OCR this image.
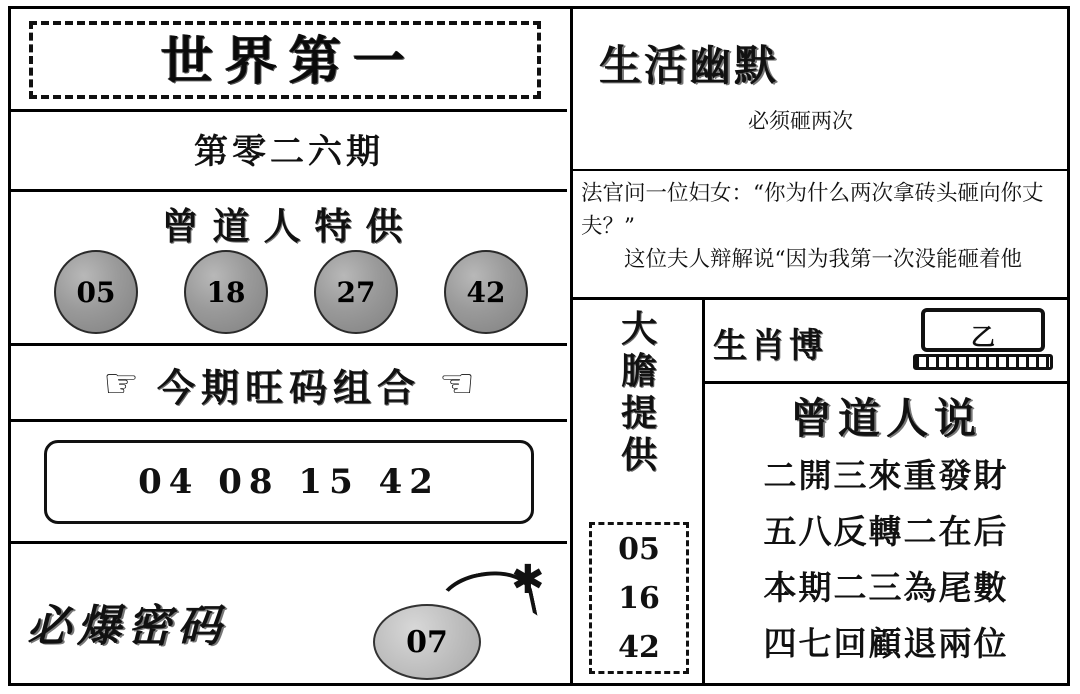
世界第一
第零二六期
曾道人特供
05	18	27	42
☞ 今期旺码组合 ☜
04 08 15 42
必爆密码
✱
07
生活幽默
必须砸两次

法官问一位妇女：“你为什么两次拿砖头砸向你丈夫？”

这位夫人辩解说“因为我第一次没能砸着他

大
膽
提
供
05
16
42
生肖博	乙
曾道人说
二開三來重發財
五八反轉二在后
本期二三為尾數
四七回顧退兩位
